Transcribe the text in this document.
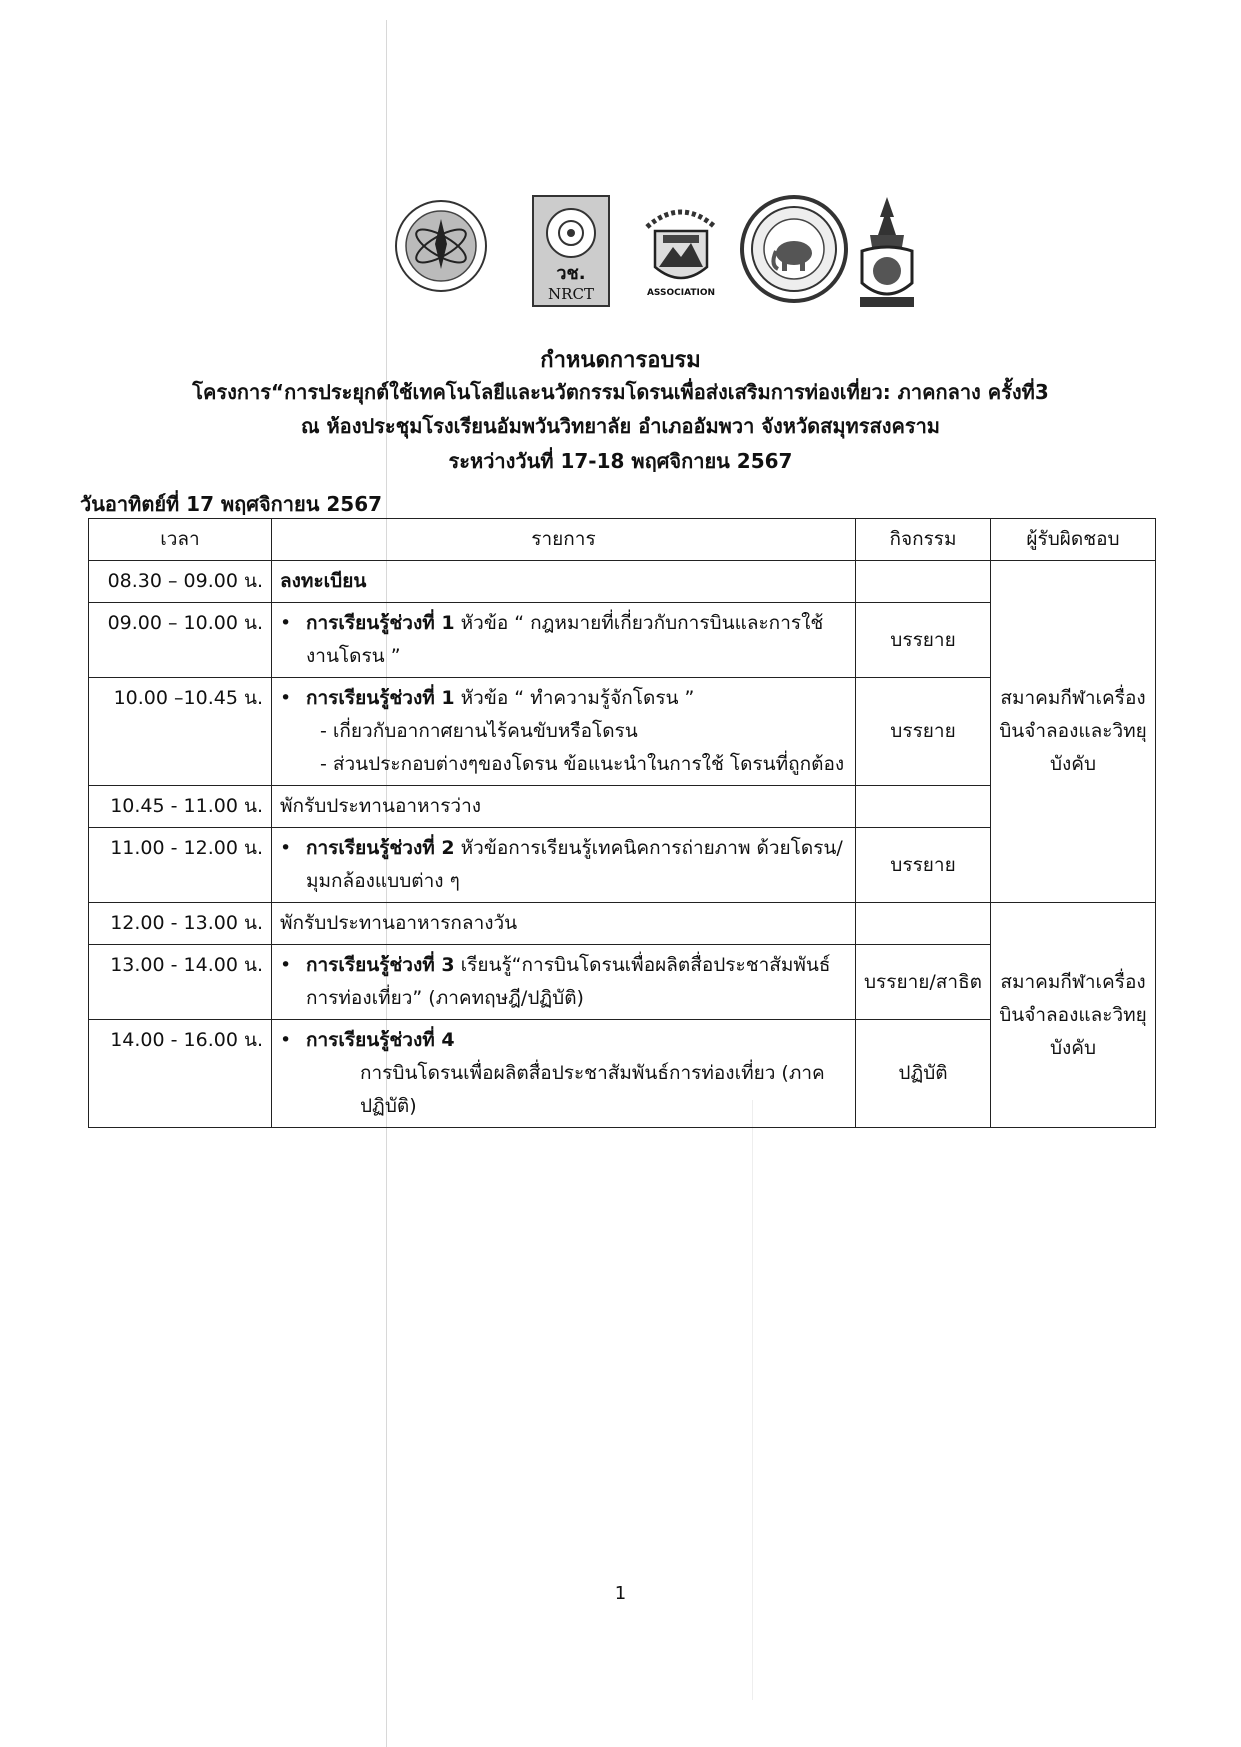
วช.
NRCT	ASSOCIATION
กำหนดการอบรม
โครงการ“การประยุกต์ใช้เทคโนโลยีและนวัตกรรมโดรนเพื่อส่งเสริมการท่องเที่ยว: ภาคกลาง ครั้งที่3
ณ ห้องประชุมโรงเรียนอัมพวันวิทยาลัย อำเภออัมพวา จังหวัดสมุทรสงคราม
ระหว่างวันที่ 17-18 พฤศจิกายน 2567
วันอาทิตย์ที่ 17 พฤศจิกายน 2567
เวลา	รายการ	กิจกรรม	ผู้รับผิดชอบ
08.30 – 09.00 น.	ลงทะเบียน		สมาคมกีฬาเครื่องบินจำลองและวิทยุบังคับ
09.00 – 10.00 น.	• การเรียนรู้ช่วงที่ 1 หัวข้อ “ กฎหมายที่เกี่ยวกับการบินและการใช้งานโดรน ”	บรรยาย	
10.00 –10.45 น.	• การเรียนรู้ช่วงที่ 1 หัวข้อ “ ทำความรู้จักโดรน ”
- เกี่ยวกับอากาศยานไร้คนขับหรือโดรน
- ส่วนประกอบต่างๆของโดรน ข้อแนะนำในการใช้ โดรนที่ถูกต้อง	บรรยาย	
10.45 - 11.00 น.	พักรับประทานอาหารว่าง		
11.00 - 12.00 น.	• การเรียนรู้ช่วงที่ 2 หัวข้อการเรียนรู้เทคนิคการถ่ายภาพ ด้วยโดรน/มุมกล้องแบบต่าง ๆ	บรรยาย	
12.00 - 13.00 น.	พักรับประทานอาหารกลางวัน		สมาคมกีฬาเครื่องบินจำลองและวิทยุบังคับ
13.00 - 14.00 น.	• การเรียนรู้ช่วงที่ 3 เรียนรู้“การบินโดรนเพื่อผลิตสื่อประชาสัมพันธ์การท่องเที่ยว” (ภาคทฤษฎี/ปฏิบัติ)	บรรยาย/สาธิต	
14.00 - 16.00 น.	• การเรียนรู้ช่วงที่ 4
การบินโดรนเพื่อผลิตสื่อประชาสัมพันธ์การท่องเที่ยว (ภาคปฏิบัติ)	ปฏิบัติ	
1
